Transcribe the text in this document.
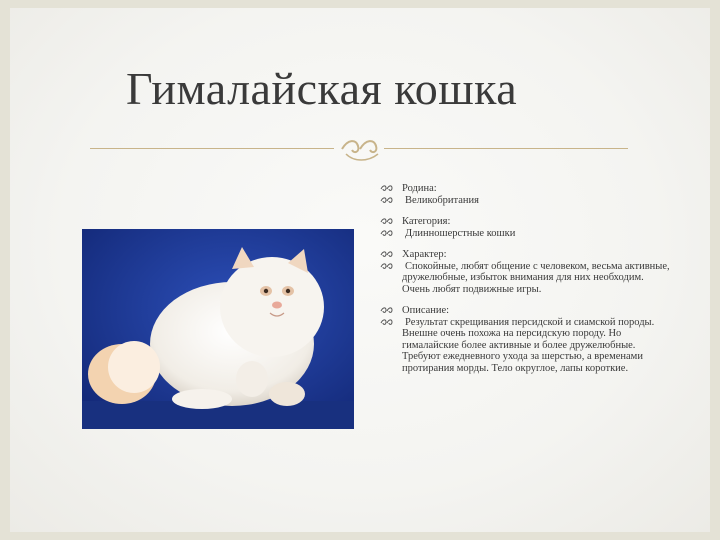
Гималайская кошка
Родина:
Великобритания
Категория:
Длинношерстные кошки
Характер:
Спокойные, любят общение с человеком, весьма активные, дружелюбные, избыток внимания для них необходим. Очень любят подвижные игры.
Описание:
Результат скрещивания персидской и сиамской породы. Внешне очень похожа на персидскую породу. Но гималайские более активные и более дружелюбные. Требуют ежедневного ухода за шерстью, а временами протирания морды. Тело округлое, лапы короткие.
